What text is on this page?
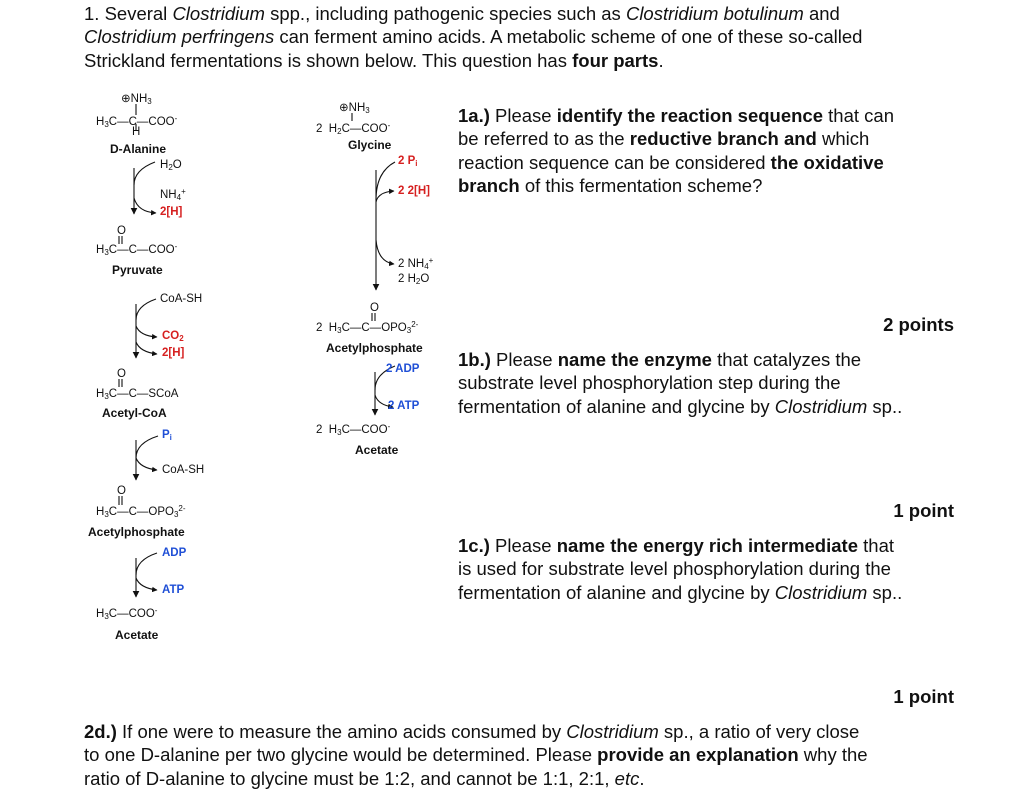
1. Several Clostridium spp., including pathogenic species such as Clostridium botulinum and
Clostridium perfringens can ferment amino acids. A metabolic scheme of one of these so-called
Strickland fermentations is shown below. This question has four parts.
$\oplus NH_3$
$H_3C—C—COO^-$
H
D-Alanine
$H_2O$
$NH_4^+$
2[H]
O
$H_3C—C—COO^-$
Pyruvate
CoA-SH
$CO_2$
2[H]
O
$H_3C—C—SCoA$
Acetyl-CoA
$P_i$
CoA-SH
O
$H_3C—C—OPO_3^{2-}$
Acetylphosphate
ADP
ATP
$H_3C—COO^-$
Acetate
$\oplus NH_3$
2  $H_2C—COO^-$
Glycine
2 $P_i$
2 2[H]
2 $NH_4^+$
2 $H_2O$
O
2  $H_3C—C—OPO_3^{2-}$
Acetylphosphate
2 ADP
2 ATP
2  $H_3C—COO^-$
Acetate
1a.) Please identify the reaction sequence that can
be referred to as the reductive branch and which
reaction sequence can be considered the oxidative
branch of this fermentation scheme?
2 points
1b.) Please name the enzyme that catalyzes the
substrate level phosphorylation step during the
fermentation of alanine and glycine by Clostridium sp..
1 point
1c.) Please name the energy rich intermediate that
is used for substrate level phosphorylation during the
fermentation of alanine and glycine by Clostridium sp..
1 point
2d.) If one were to measure the amino acids consumed by Clostridium sp., a ratio of very close
to one D-alanine per two glycine would be determined. Please provide an explanation why the
ratio of D-alanine to glycine must be 1:2, and cannot be 1:1, 2:1, etc.
